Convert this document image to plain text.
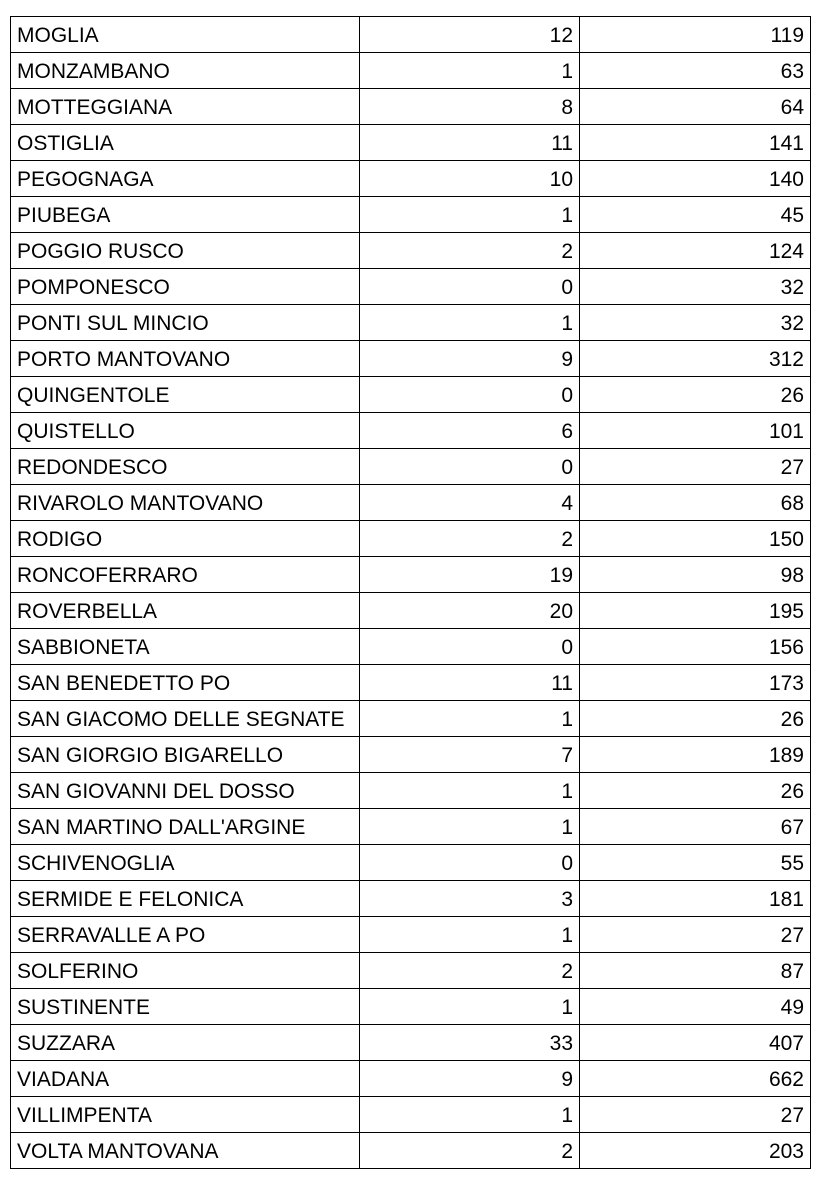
MOGLIA	12	119
MONZAMBANO	1	63
MOTTEGGIANA	8	64
OSTIGLIA	11	141
PEGOGNAGA	10	140
PIUBEGA	1	45
POGGIO RUSCO	2	124
POMPONESCO	0	32
PONTI SUL MINCIO	1	32
PORTO MANTOVANO	9	312
QUINGENTOLE	0	26
QUISTELLO	6	101
REDONDESCO	0	27
RIVAROLO MANTOVANO	4	68
RODIGO	2	150
RONCOFERRARO	19	98
ROVERBELLA	20	195
SABBIONETA	0	156
SAN BENEDETTO PO	11	173
SAN GIACOMO DELLE SEGNATE	1	26
SAN GIORGIO BIGARELLO	7	189
SAN GIOVANNI DEL DOSSO	1	26
SAN MARTINO DALL'ARGINE	1	67
SCHIVENOGLIA	0	55
SERMIDE E FELONICA	3	181
SERRAVALLE A PO	1	27
SOLFERINO	2	87
SUSTINENTE	1	49
SUZZARA	33	407
VIADANA	9	662
VILLIMPENTA	1	27
VOLTA MANTOVANA	2	203
